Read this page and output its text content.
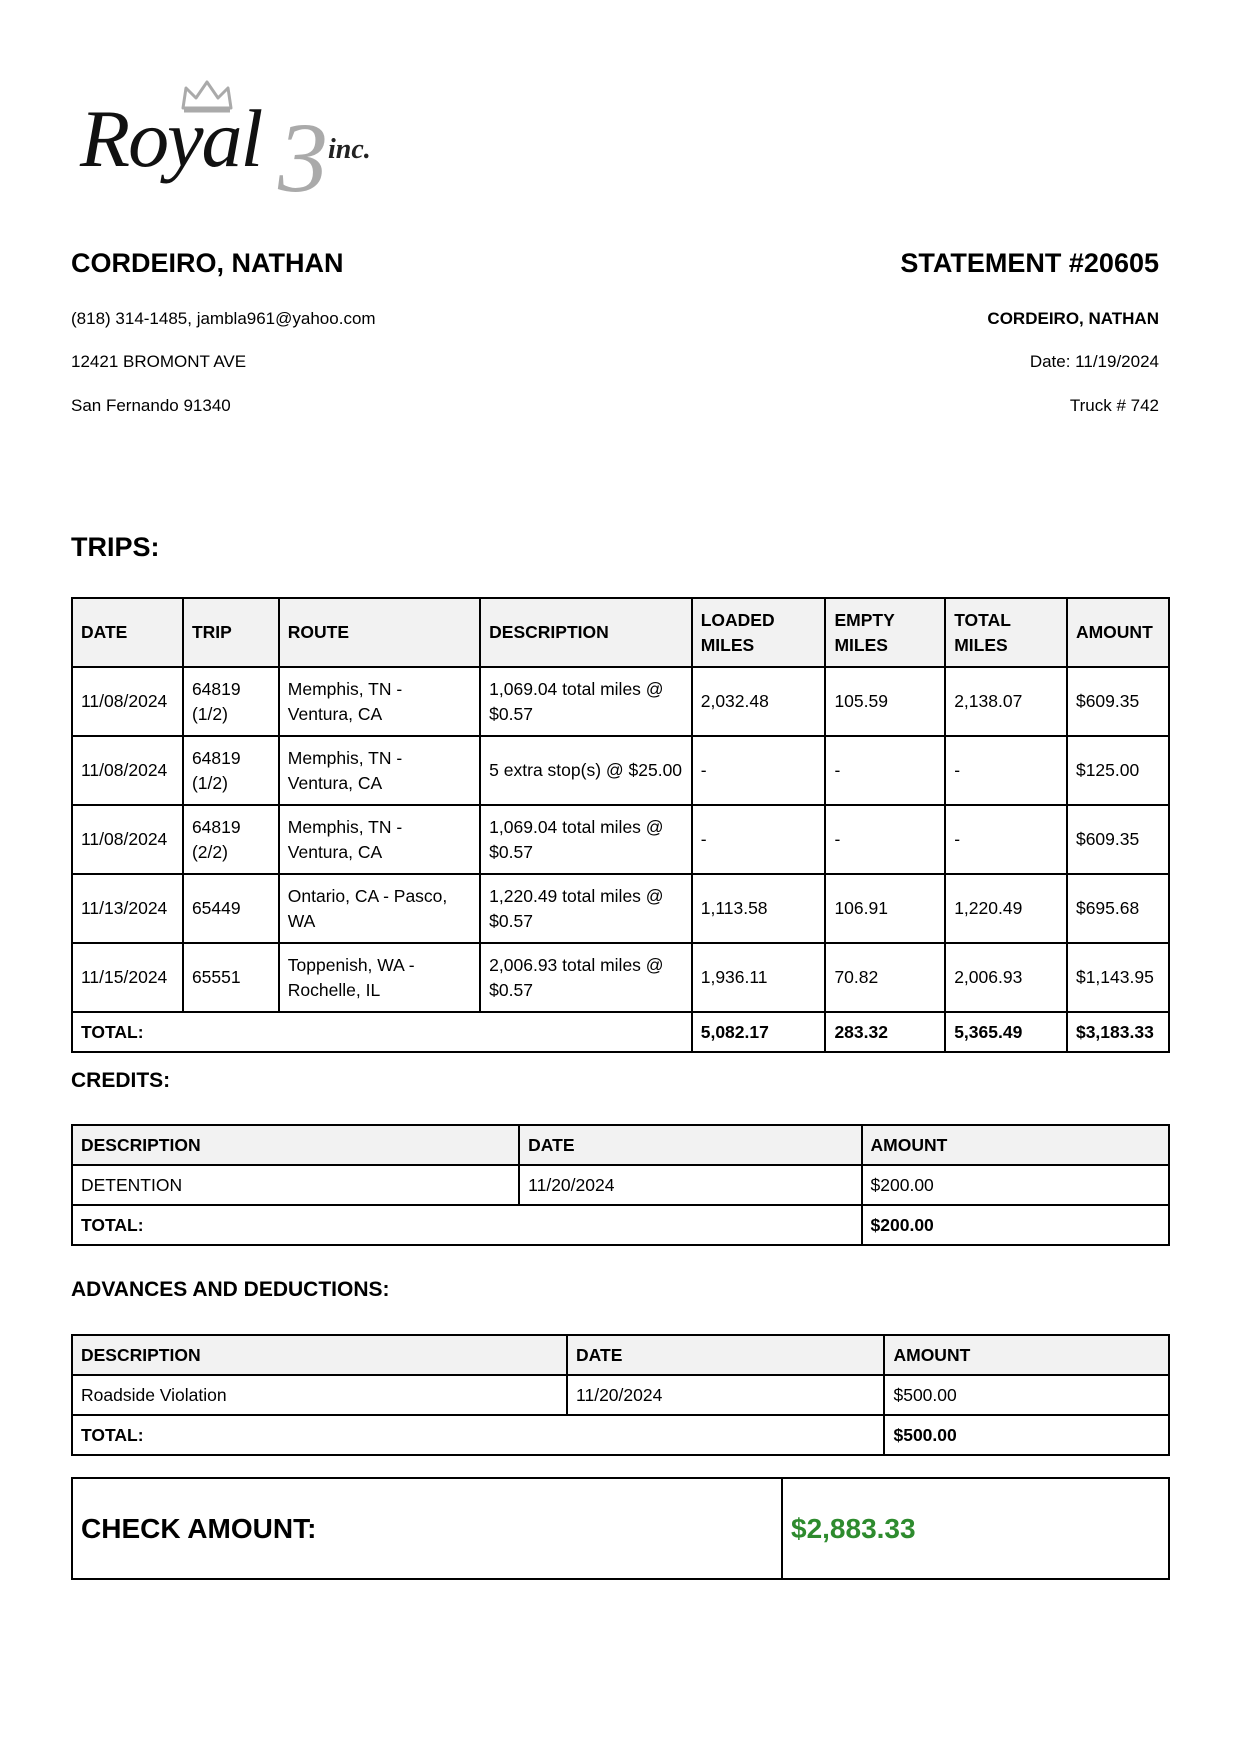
Royal 3 inc.
CORDEIRO, NATHAN
(818) 314-1485, jambla961@yahoo.com
12421 BROMONT AVE
San Fernando 91340
STATEMENT #20605
CORDEIRO, NATHAN
Date: 11/19/2024
Truck # 742
TRIPS:
DATE	TRIP	ROUTE	DESCRIPTION	LOADED MILES	EMPTY MILES	TOTAL MILES	AMOUNT
11/08/2024	64819 (1/2)	Memphis, TN - Ventura, CA	1,069.04 total miles @ $0.57	2,032.48	105.59	2,138.07	$609.35
11/08/2024	64819 (1/2)	Memphis, TN - Ventura, CA	5 extra stop(s) @ $25.00	-	-	-	$125.00
11/08/2024	64819 (2/2)	Memphis, TN - Ventura, CA	1,069.04 total miles @ $0.57	-	-	-	$609.35
11/13/2024	65449	Ontario, CA - Pasco, WA	1,220.49 total miles @ $0.57	1,113.58	106.91	1,220.49	$695.68
11/15/2024	65551	Toppenish, WA - Rochelle, IL	2,006.93 total miles @ $0.57	1,936.11	70.82	2,006.93	$1,143.95
TOTAL:				5,082.17	283.32	5,365.49	$3,183.33
CREDITS:
DESCRIPTION	DATE	AMOUNT
DETENTION	11/20/2024	$200.00
TOTAL:		$200.00
ADVANCES AND DEDUCTIONS:
DESCRIPTION	DATE	AMOUNT
Roadside Violation	11/20/2024	$500.00
TOTAL:		$500.00
CHECK AMOUNT:	$2,883.33
